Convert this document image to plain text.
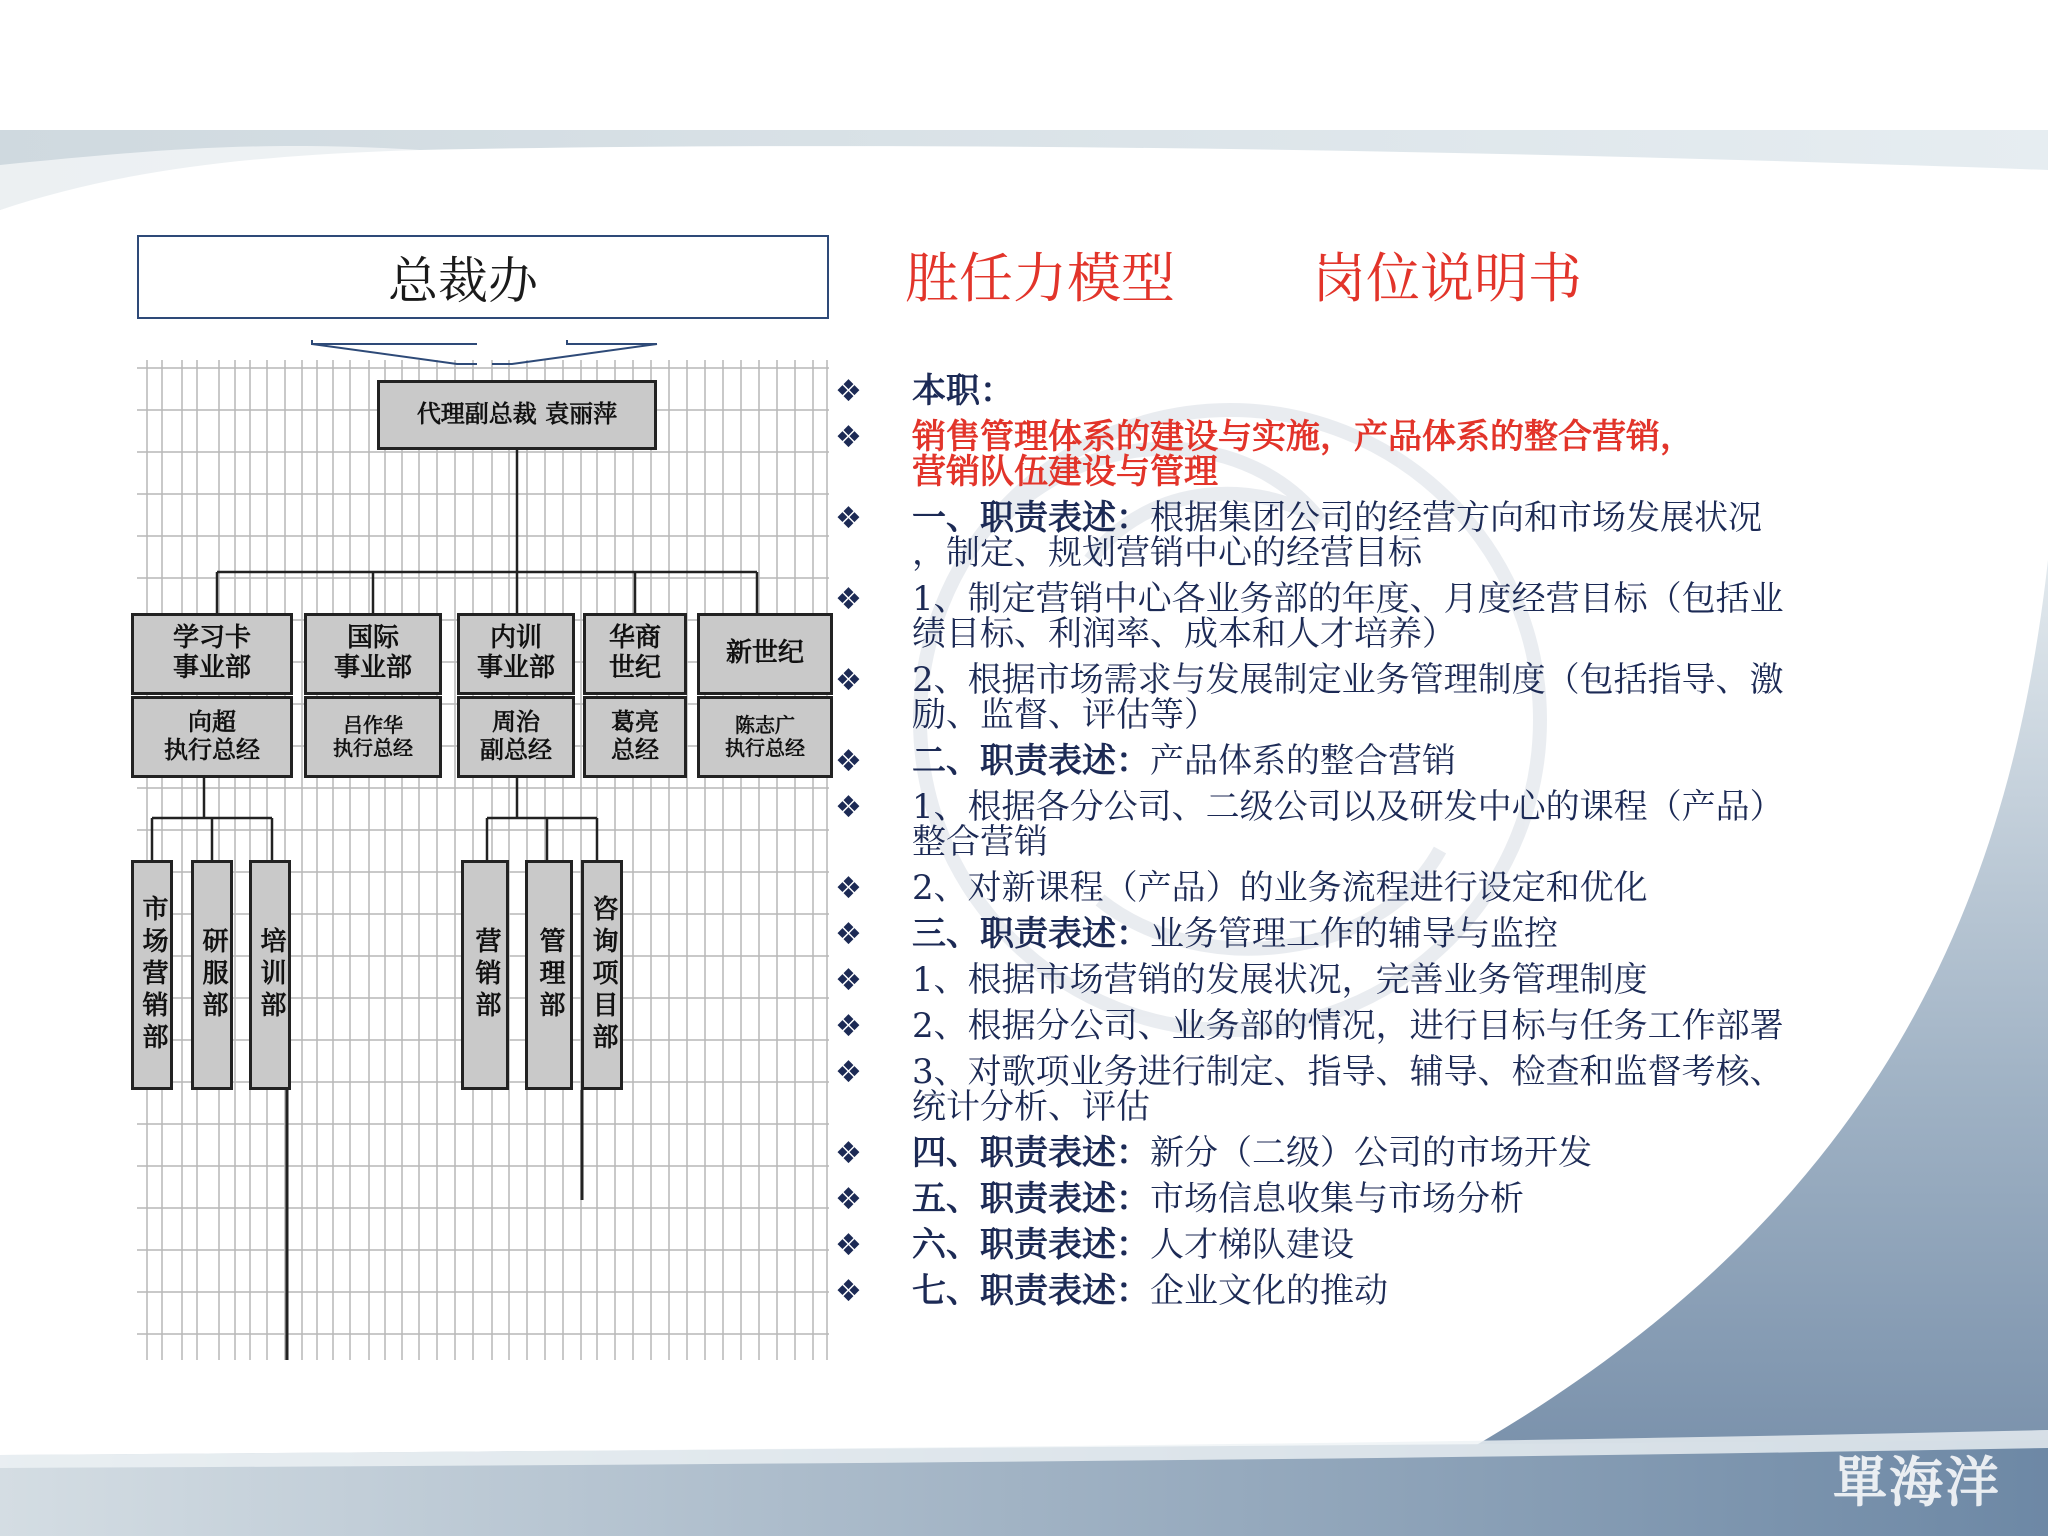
总裁办	胜任力模型	岗位说明书
代理副总裁 袁丽萍
学习卡
事业部
国际
事业部
内训
事业部
华商
世纪 新世纪
向超
执行总经
吕作华
执行总经
周治
副总经
葛亮
总经
陈志广
执行总经
市场营销部 研服部 培训部	营销部 管理部 咨询项目部

❖ 本职：

❖ 销售管理体系的建设与实施，产品体系的整合营销，

营销队伍建设与管理

❖ 一、职责表述：根据集团公司的经营方向和市场发展状况

，制定、规划营销中心的经营目标

❖ 1、制定营销中心各业务部的年度、月度经营目标（包括业

绩目标、利润率、成本和人才培养）

❖ 2、根据市场需求与发展制定业务管理制度（包括指导、激

励、监督、评估等）

❖ 二、职责表述：产品体系的整合营销

❖ 1、根据各分公司、二级公司以及研发中心的课程（产品）

整合营销

❖ 2、对新课程（产品）的业务流程进行设定和优化

❖ 三、职责表述：业务管理工作的辅导与监控

❖ 1、根据市场营销的发展状况，完善业务管理制度

❖ 2、根据分公司、业务部的情况，进行目标与任务工作部署

❖ 3、对歌项业务进行制定、指导、辅导、检查和监督考核、

统计分析、评估

❖ 四、职责表述：新分（二级）公司的市场开发

❖ 五、职责表述：市场信息收集与市场分析

❖ 六、职责表述：人才梯队建设

❖ 七、职责表述：企业文化的推动

單海洋
